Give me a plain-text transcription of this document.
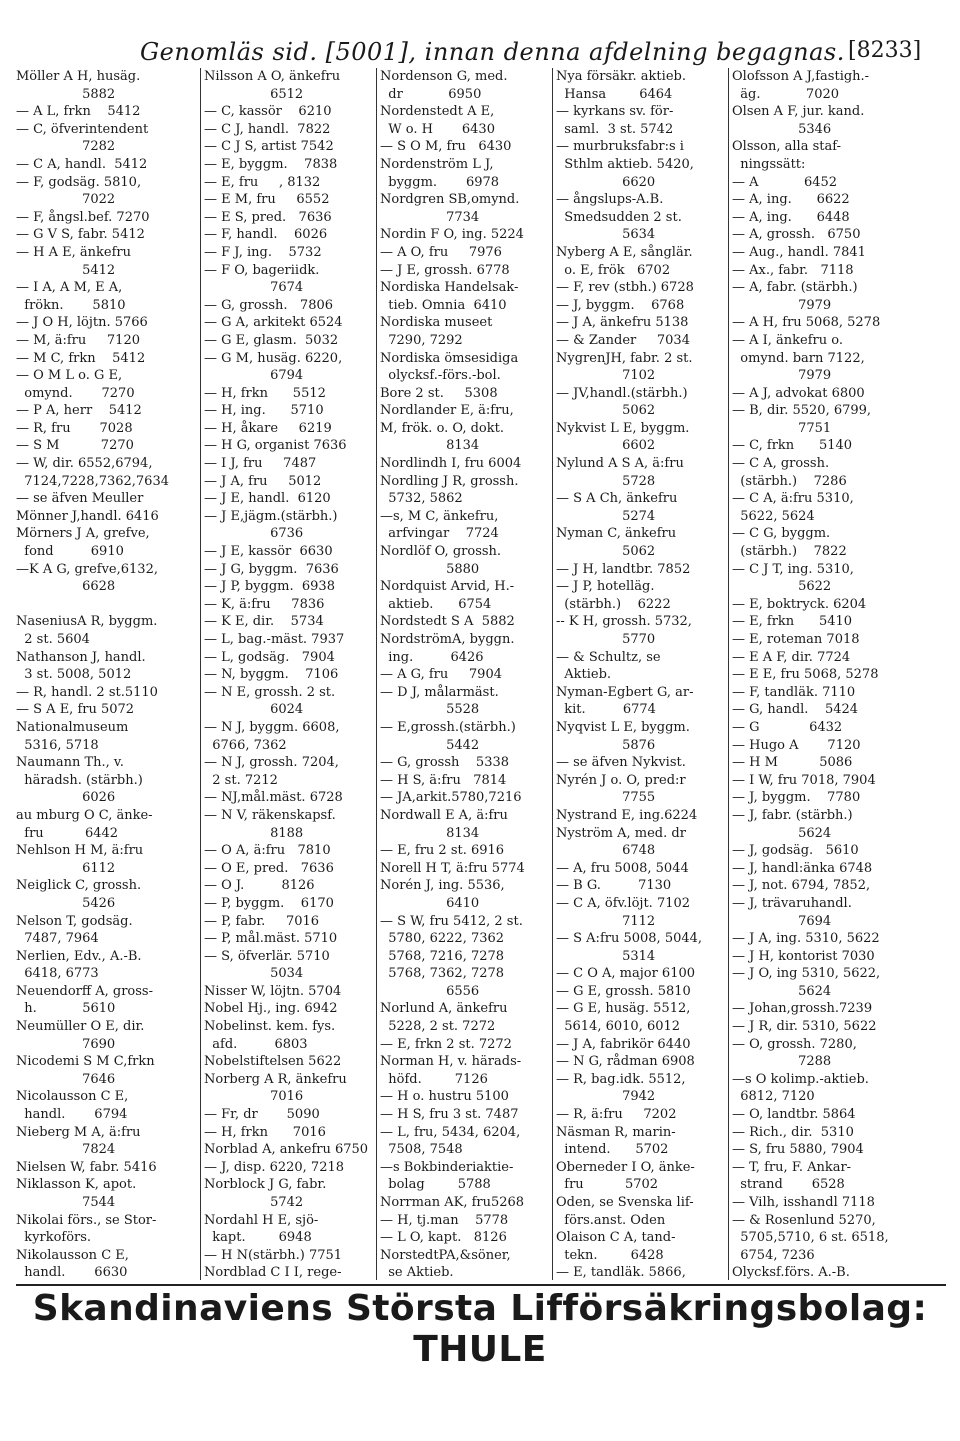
Genomläs sid. [5001], innan denna afdelning begagnas. [8233]
Möller A H, husäg.
5882
— A L, frkn    5412
— C, öfverintendent
7282
— C A, handl.  5412
— F, godsäg. 5810,
7022
— F, ångsl.bef. 7270
— G V S, fabr. 5412
— H A E, änkefru
5412
— I A, A M, E A,
frökn.       5810
— J O H, löjtn. 5766
— M, ä:fru     7120
— M C, frkn    5412
— O M L o. G E,
omynd.       7270
— P A, herr    5412
— R, fru       7028
— S M          7270
— W, dir. 6552,6794,
7124,7228,7362,7634
— se äfven Meuller
Mönner J,handl. 6416
Mörners J A, grefve,
fond         6910
—K A G, grefve,6132,
6628
NaseniusA R, byggm.
2 st. 5604
Nathanson J, handl.
3 st. 5008, 5012
— R, handl. 2 st.5110
— S A E, fru 5072
Nationalmuseum
5316, 5718
Naumann Th., v.
häradsh. (stärbh.)
6026
au mburg O C, änke-
fru          6442
Nehlson H M, ä:fru
6112
Neiglick C, grossh.
5426
Nelson T, godsäg.
7487, 7964
Nerlien, Edv., A.-B.
6418, 6773
Neuendorff A, gross-
h.           5610
Neumüller O E, dir.
7690
Nicodemi S M C,frkn
7646
Nicolausson C E,
handl.       6794
Nieberg M A, ä:fru
7824
Nielsen W, fabr. 5416
Niklasson K, apot.
7544
Nikolai förs., se Stor-
kyrkoförs.
Nikolausson C E,
handl.       6630
Nilsson A O, änkefru
6512
— C, kassör    6210
— C J, handl.  7822
— C J S, artist 7542
— E, byggm.    7838
— E, fru     , 8132
— E M, fru     6552
— E S, pred.   7636
— F, handl.    6026
— F J, ing.    5732
— F O, bageriidk.
7674
— G, grossh.   7806
— G A, arkitekt 6524
— G E, glasm.  5032
— G M, husäg. 6220,
6794
— H, frkn      5512
— H, ing.      5710
— H, åkare     6219
— H G, organist 7636
— I J, fru     7487
— J A, fru     5012
— J E, handl.  6120
— J E,jägm.(stärbh.)
6736
— J E, kassör  6630
— J G, byggm.  7636
— J P, byggm.  6938
— K, ä:fru     7836
— K E, dir.    5734
— L, bag.-mäst. 7937
— L, godsäg.   7904
— N, byggm.    7106
— N E, grossh. 2 st.
6024
— N J, byggm. 6608,
6766, 7362
— N J, grossh. 7204,
2 st. 7212
— NJ,mål.mäst. 6728
— N V, räkenskapsf.
8188
— O A, ä:fru   7810
— O E, pred.   7636
— O J.         8126
— P, byggm.    6170
— P, fabr.     7016
— P, mål.mäst. 5710
— S, öfverlär. 5710
5034
Nisser W, löjtn. 5704
Nobel Hj., ing. 6942
Nobelinst. kem. fys.
afd.         6803
Nobelstiftelsen 5622
Norberg A R, änkefru
7016
— Fr, dr       5090
— H, frkn      7016
Norblad A, ankefru 6750
— J, disp. 6220, 7218
Norblock J G, fabr.
5742
Nordahl H E, sjö-
kapt.        6948
— H N(stärbh.) 7751
Nordblad C I I, rege-
Nordenson G, med.
dr           6950
Nordenstedt A E,
W o. H       6430
— S O M, fru   6430
Nordenström L J,
byggm.       6978
Nordgren SB,omynd.
7734
Nordin F O, ing. 5224
— A O, fru     7976
— J E, grossh. 6778
Nordiska Handelsak-
tieb. Omnia  6410
Nordiska museet
7290, 7292
Nordiska ömsesidiga
olycksf.-förs.-bol.
Bore 2 st.     5308
Nordlander E, ä:fru,
M, frök. o. O, dokt.
8134
Nordlindh I, fru 6004
Nordling J R, grossh.
5732, 5862
—s, M C, änkefru,
arfvingar    7724
Nordlöf O, grossh.
5880
Nordquist Arvid, H.-
aktieb.      6754
Nordstedt S A  5882
NordströmA, byggn.
ing.         6426
— A G, fru     7904
— D J, målarmäst.
5528
— E,grossh.(stärbh.)
5442
— G, grossh    5338
— H S, ä:fru   7814
— JA,arkit.5780,7216
Nordwall E A, ä:fru
8134
— E, fru 2 st. 6916
Norell H T, ä:fru 5774
Norén J, ing. 5536,
6410
— S W, fru 5412, 2 st.
5780, 6222, 7362
5768, 7216, 7278
5768, 7362, 7278
6556
Norlund A, änkefru
5228, 2 st. 7272
— E, frkn 2 st. 7272
Norman H, v. härads-
höfd.        7126
— H o. hustru 5100
— H S, fru 3 st. 7487
— L, fru, 5434, 6204,
7508, 7548
—s Bokbinderiaktie-
bolag        5788
Norrman AK, fru5268
— H, tj.man    5778
— L O, kapt.   8126
NorstedtPA,&söner,
se Aktieb.
Nya försäkr. aktieb.
Hansa        6464
— kyrkans sv. för-
saml.  3 st. 5742
— murbruksfabr:s i
Sthlm aktieb. 5420,
6620
— ångslups-A.B.
Smedsudden 2 st.
5634
Nyberg A E, sånglär.
o. E, frök   6702
— F, rev (stbh.) 6728
— J, byggm.    6768
— J A, änkefru 5138
— & Zander     7034
NygrenJH, fabr. 2 st.
7102
— JV,handl.(stärbh.)
5062
Nykvist L E, byggm.
6602
Nylund A S A, ä:fru
5728
— S A Ch, änkefru
5274
Nyman C, änkefru
5062
— J H, landtbr. 7852
— J P, hotelläg.
(stärbh.)    6222
-- K H, grossh. 5732,
5770
— & Schultz, se
Aktieb.
Nyman-Egbert G, ar-
kit.         6774
Nyqvist L E, byggm.
5876
— se äfven Nykvist.
Nyrén J o. O, pred:r
7755
Nystrand E, ing.6224
Nyström A, med. dr
6748
— A, fru 5008, 5044
— B G.         7130
— C A, öfv.löjt. 7102
7112
— S A:fru 5008, 5044,
5314
— C O A, major 6100
— G E, grossh. 5810
— G E, husäg. 5512,
5614, 6010, 6012
— J A, fabrikör 6440
— N G, rådman 6908
— R, bag.idk. 5512,
7942
— R, ä:fru     7202
Näsman R, marin-
intend.      5702
Oberneder I O, änke-
fru          5702
Oden, se Svenska lif-
förs.anst. Oden
Olaison C A, tand-
tekn.        6428
— E, tandläk. 5866,
Olofsson A J,fastigh.-
äg.           7020
Olsen A F, jur. kand.
5346
Olsson, alla staf-
ningssätt:
— A           6452
— A, ing.      6622
— A, ing.      6448
— A, grossh.   6750
— Aug., handl. 7841
— Ax., fabr.   7118
— A, fabr. (stärbh.)
7979
— A H, fru 5068, 5278
— A I, änkefru o.
omynd. barn 7122,
7979
— A J, advokat 6800
— B, dir. 5520, 6799,
7751
— C, frkn      5140
— C A, grossh.
(stärbh.)    7286
— C A, ä:fru 5310,
5622, 5624
— C G, byggm.
(stärbh.)    7822
— C J T, ing. 5310,
5622
— E, boktryck. 6204
— E, frkn      5410
— E, roteman 7018
— E A F, dir. 7724
— E E, fru 5068, 5278
— F, tandläk. 7110
— G, handl.    5424
— G            6432
— Hugo A       7120
— H M          5086
— I W, fru 7018, 7904
— J, byggm.    7780
— J, fabr. (stärbh.)
5624
— J, godsäg.   5610
— J, handl:änka 6748
— J, not. 6794, 7852,
— J, trävaruhandl.
7694
— J A, ing. 5310, 5622
— J H, kontorist 7030
— J O, ing 5310, 5622,
5624
— Johan,grossh.7239
— J R, dir. 5310, 5622
— O, grossh. 7280,
7288
—s O kolimp.-aktieb.
6812, 7120
— O, landtbr. 5864
— Rich., dir.  5310
— S, fru 5880, 7904
— T, fru, F. Ankar-
strand       6528
— Vilh, isshandl 7118
— & Rosenlund 5270,
5705,5710, 6 st. 6518,
6754, 7236
Olycksf.förs. A.-B.
Skandinaviens Största Lifförsäkringsbolag: THULE
